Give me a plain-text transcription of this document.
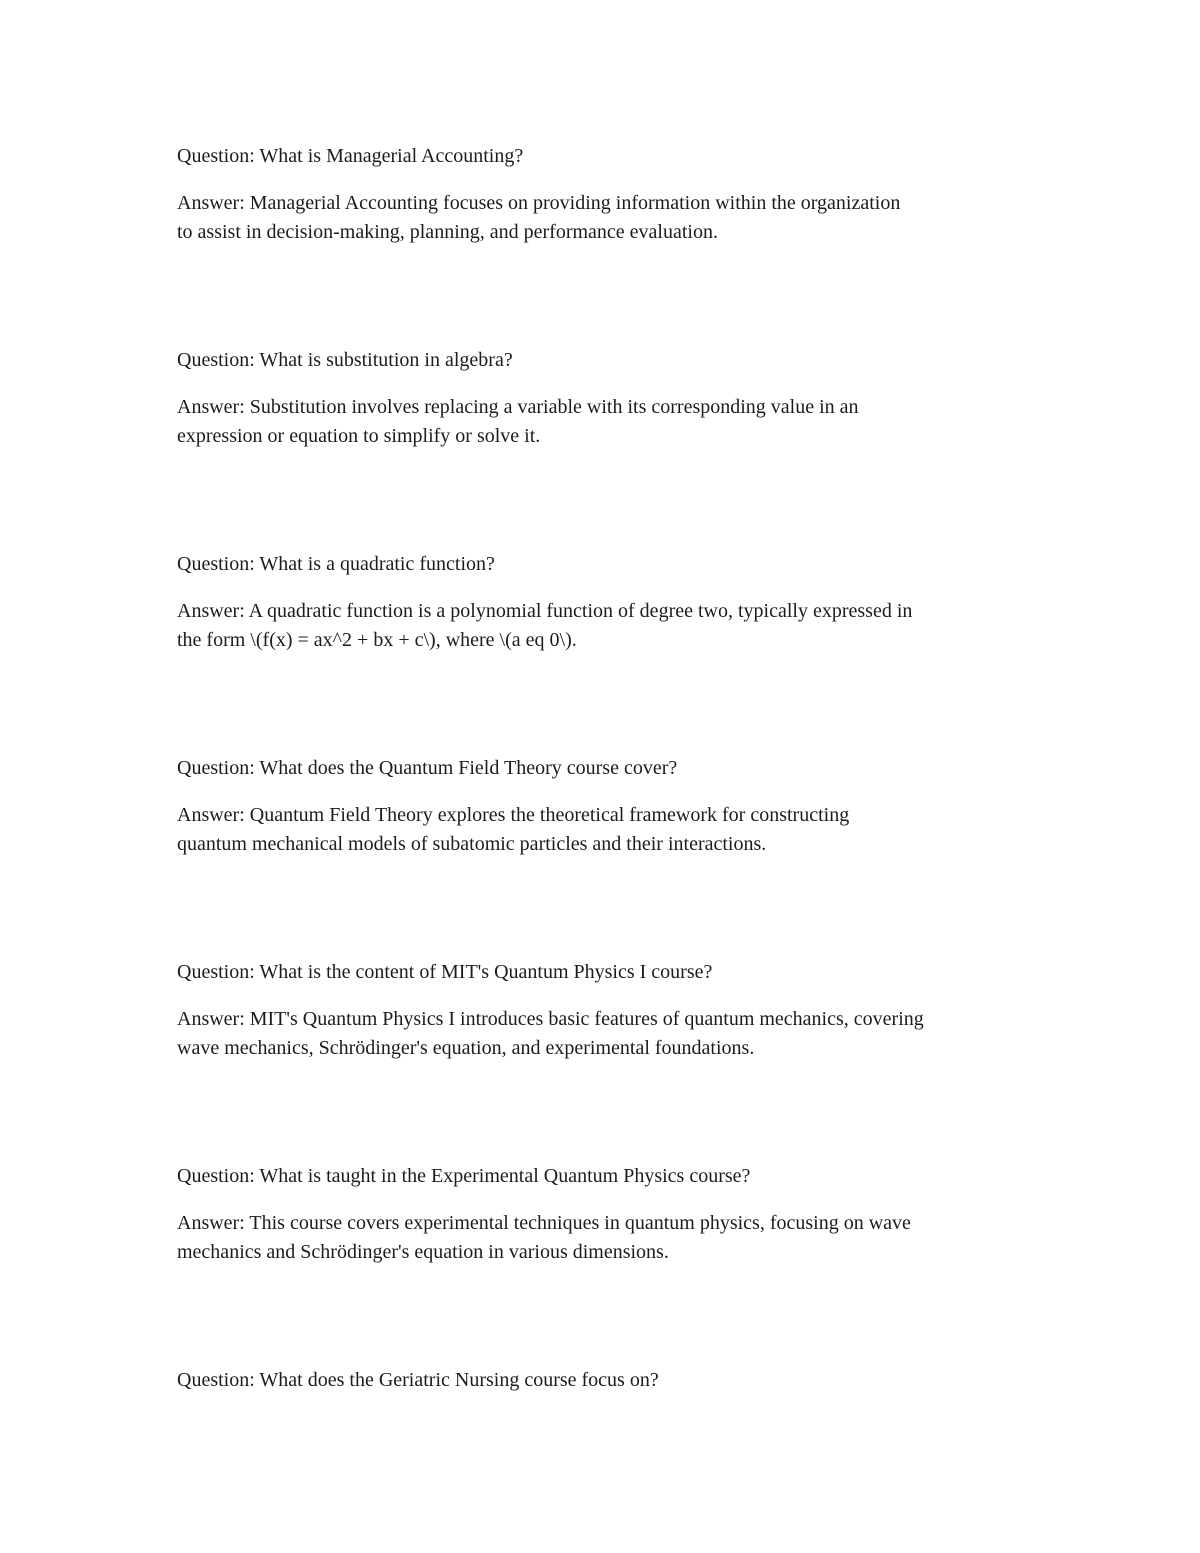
Question: What is Managerial Accounting?

Answer: Managerial Accounting focuses on providing information within the organization
to assist in decision-making, planning, and performance evaluation.

Question: What is substitution in algebra?

Answer: Substitution involves replacing a variable with its corresponding value in an
expression or equation to simplify or solve it.

Question: What is a quadratic function?

Answer: A quadratic function is a polynomial function of degree two, typically expressed in
the form \(f(x) = ax^2 + bx + c\), where \(a eq 0\).

Question: What does the Quantum Field Theory course cover?

Answer: Quantum Field Theory explores the theoretical framework for constructing
quantum mechanical models of subatomic particles and their interactions.

Question: What is the content of MIT's Quantum Physics I course?

Answer: MIT's Quantum Physics I introduces basic features of quantum mechanics, covering
wave mechanics, Schrödinger's equation, and experimental foundations.

Question: What is taught in the Experimental Quantum Physics course?

Answer: This course covers experimental techniques in quantum physics, focusing on wave
mechanics and Schrödinger's equation in various dimensions.

Question: What does the Geriatric Nursing course focus on?
